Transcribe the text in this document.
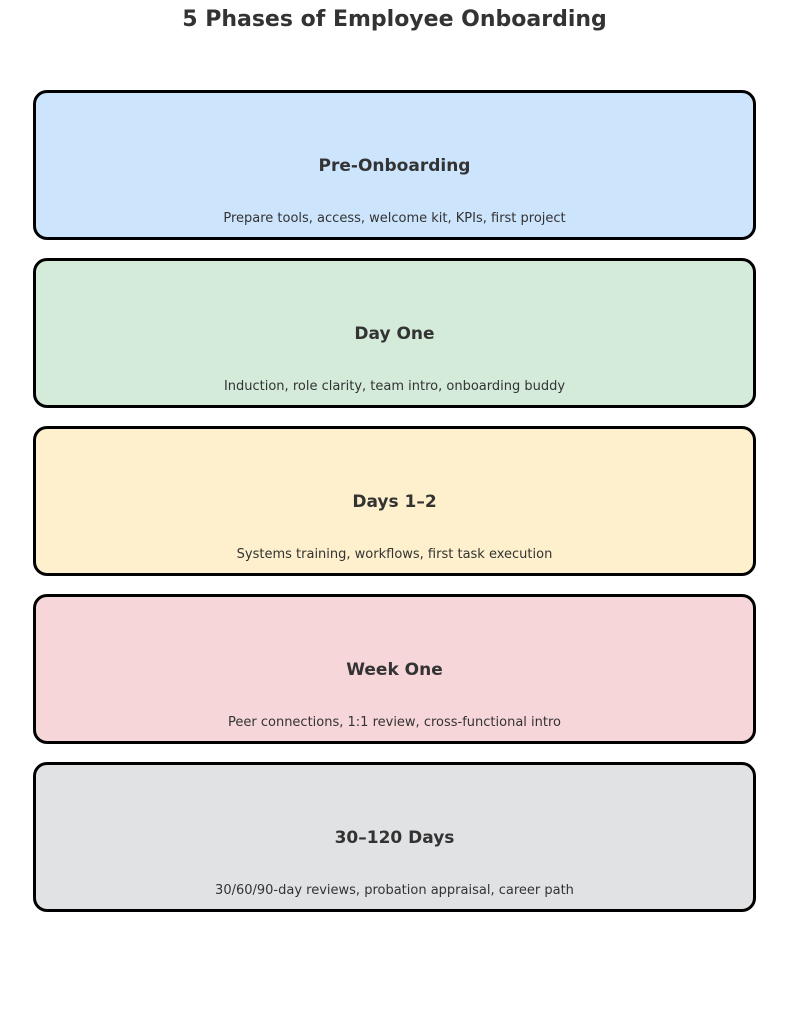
5 Phases of Employee Onboarding
Pre-Onboarding
Prepare tools, access, welcome kit, KPIs, first project
Day One
Induction, role clarity, team intro, onboarding buddy
Days 1–2
Systems training, workflows, first task execution
Week One
Peer connections, 1:1 review, cross-functional intro
30–120 Days
30/60/90-day reviews, probation appraisal, career path
